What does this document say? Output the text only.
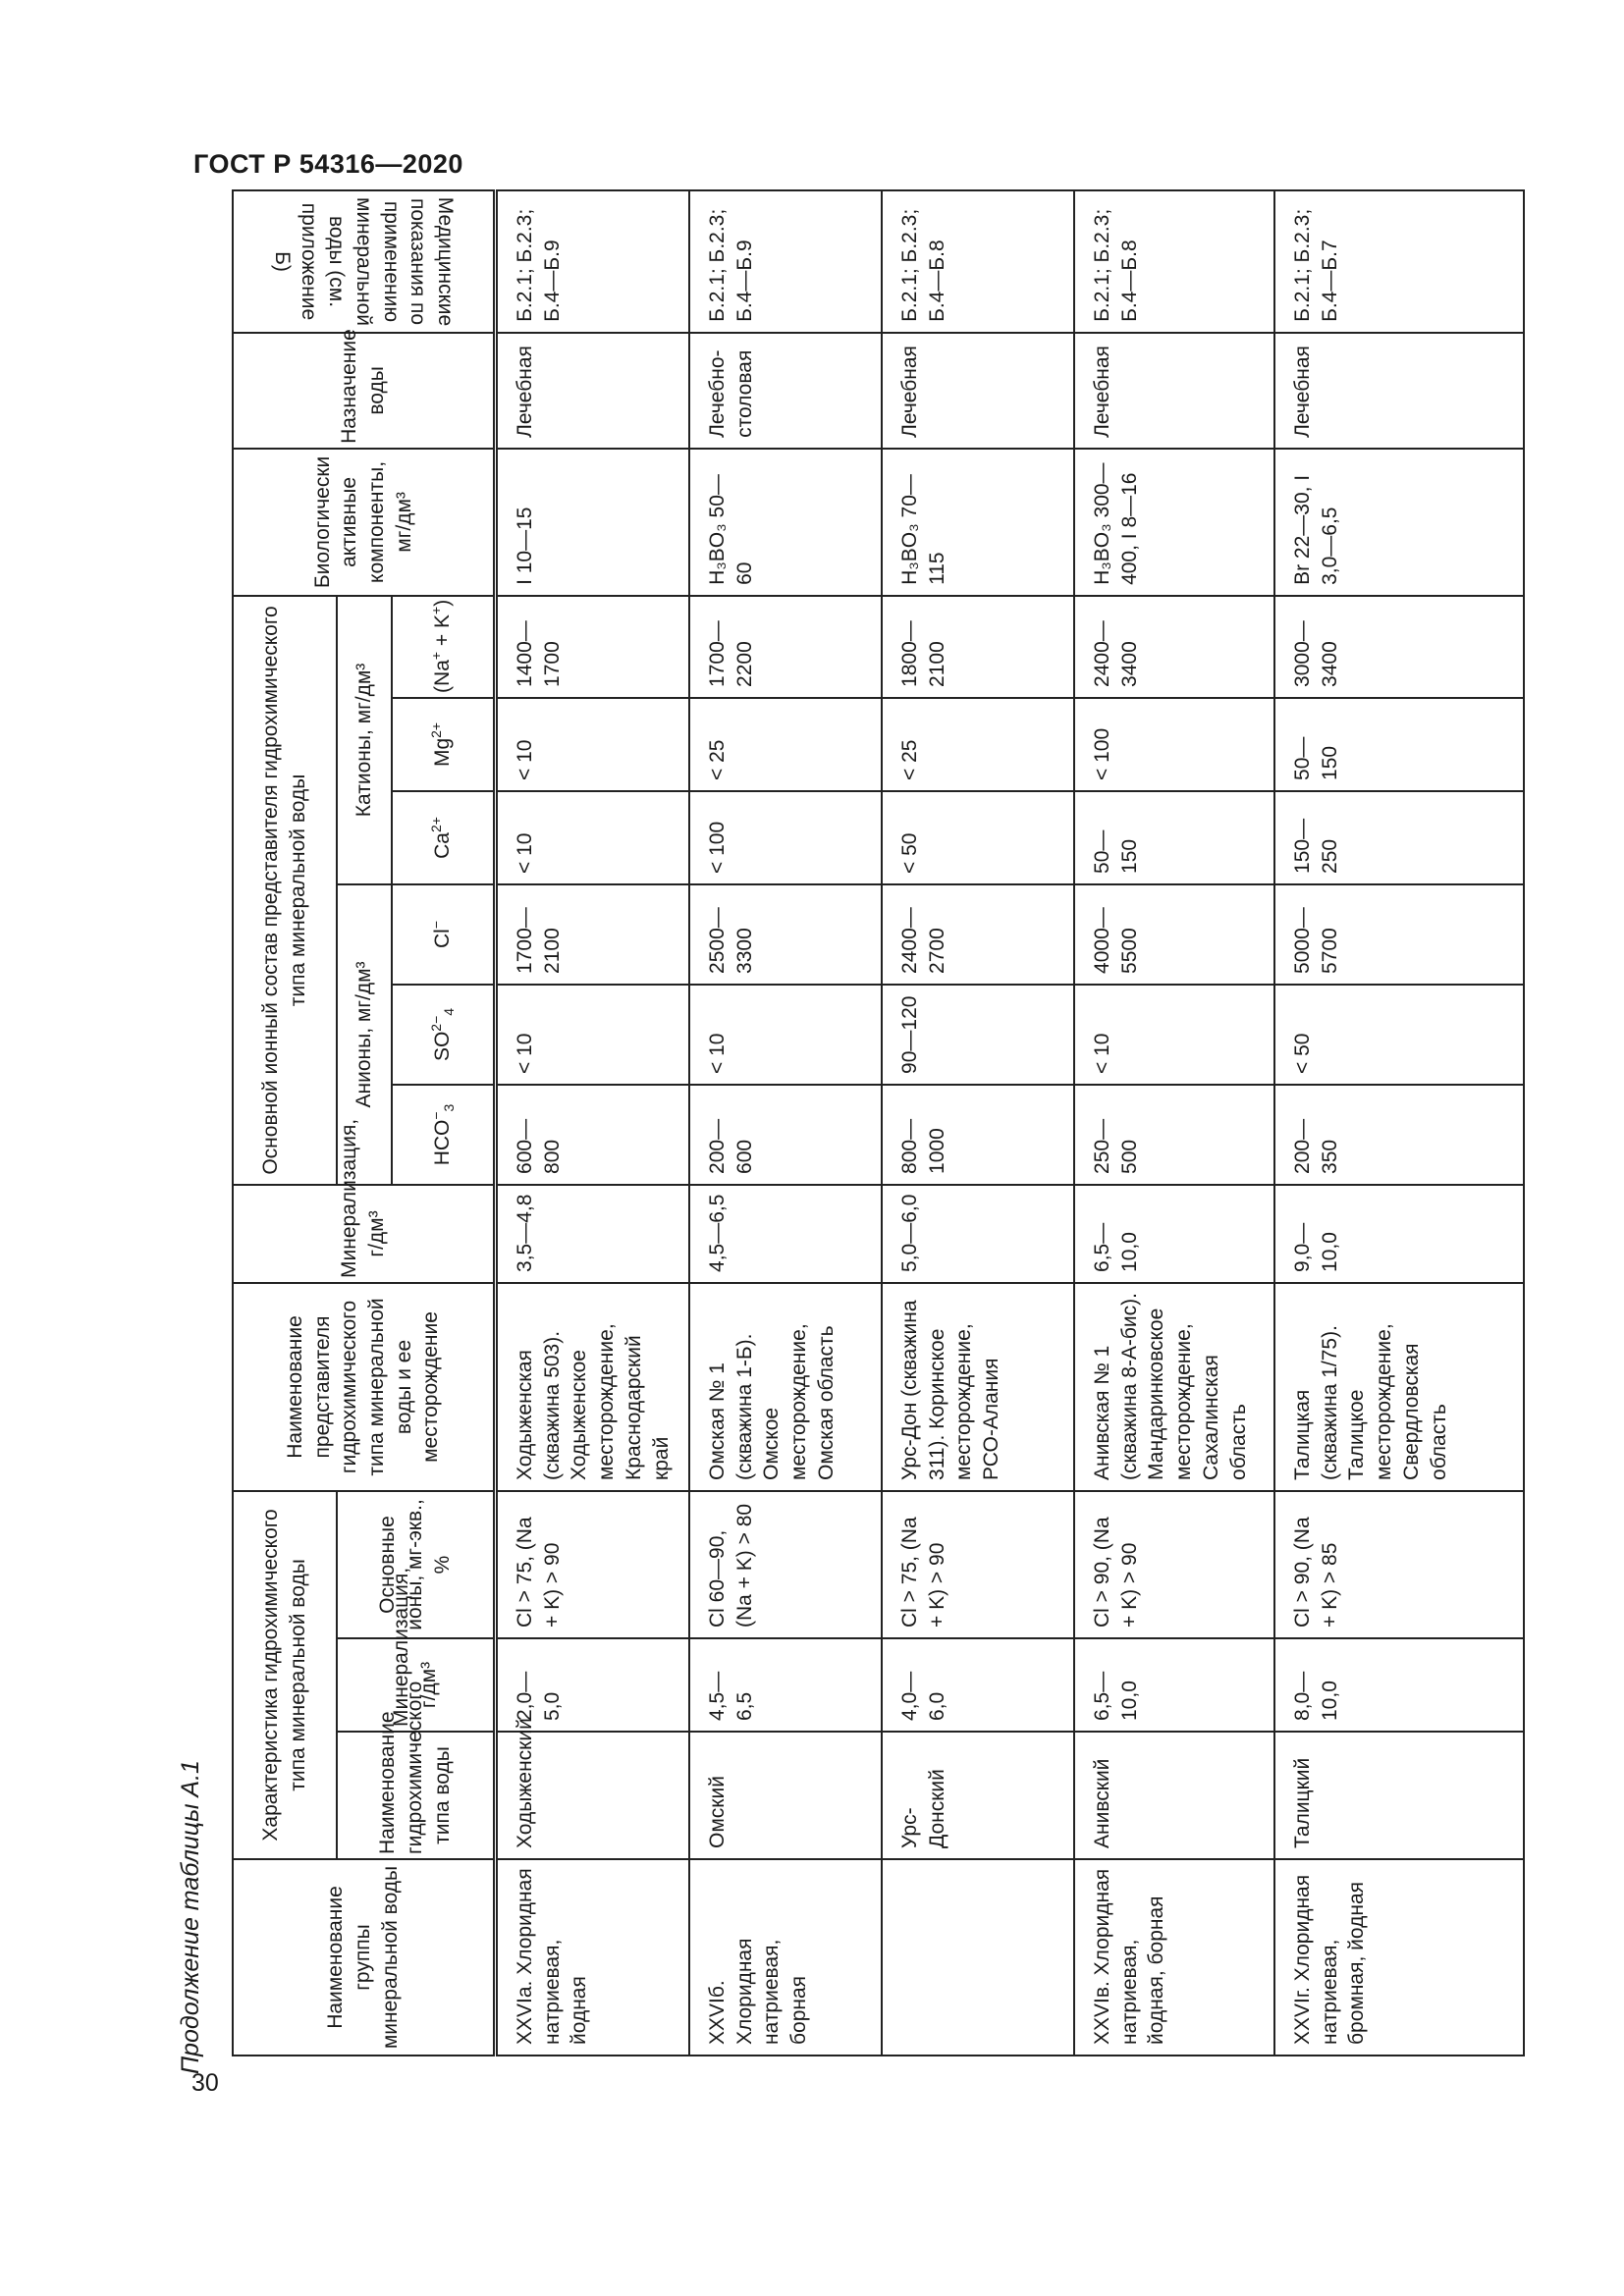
ГОСТ Р 54316—2020
30
Продолжение таблицы А.1	Наименование группы минеральной воды	Характеристика гидрохимического типа минеральной воды			Наименование представителя гидрохимического типа минеральной воды и ее месторождение	Минерализация, г/дм³	Основной ионный состав представителя гидрохимического типа минеральной воды						Биологически активные компоненты, мг/дм³	Назначение воды	Медицинские показания по применению минеральной воды (см. приложение Б)
	Наименование гидрохимического типа воды	Минерализация, г/дм³	Основные ионы, мг-экв., %			Анионы, мг/дм³			Катионы, мг/дм³					
						$HCO^-_3$	$SO^{2-}_4$	Cl−	$Ca^{2+}$	$Mg^{2+}$	(Na+ + K+)			
XXVIa. Хлоридная натриевая, йодная	Ходыженский	2,0—5,0	Cl > 75, (Na + K) > 90	Ходыженская (скважина 503). Ходыженское месторождение, Краснодарский край	3,5—4,8	600—800	< 10	1700—2100	< 10	< 10	1400—1700	I 10—15	Лечебная	Б.2.1; Б.2.3; Б.4—Б.9
XXVIб. Хлоридная натриевая, борная	Омский	4,5—6,5	Cl 60—90, (Na + K) > 80	Омская № 1 (скважина 1-Б). Омское месторождение, Омская область	4,5—6,5	200—600	< 10	2500—3300	< 100	< 25	1700—2200	H₃BO₃ 50—60	Лечебно-столовая	Б.2.1; Б.2.3; Б.4—Б.9
	Урс-Донский	4,0—6,0	Cl > 75, (Na + K) > 90	Урс-Дон (скважина 311). Коринское месторождение, РСО-Алания	5,0—6,0	800—1000	90—120	2400—2700	< 50	< 25	1800—2100	H₃BO₃ 70—115	Лечебная	Б.2.1; Б.2.3; Б.4—Б.8
XXVIв. Хлоридная натриевая, йодная, борная	Анивский	6,5—10,0	Cl > 90, (Na + K) > 90	Анивская № 1 (скважина 8-А-бис). Мандаринковское месторождение, Сахалинская область	6,5—10,0	250—500	< 10	4000—5500	50—150	< 100	2400—3400	H₃BO₃ 300—400, I 8—16	Лечебная	Б.2.1; Б.2.3; Б.4—Б.8
XXVIг. Хлоридная натриевая, бромная, йодная	Талицкий	8,0—10,0	Cl > 90, (Na + K) > 85	Талицкая (скважина 1/75). Талицкое месторождение, Свердловская область	9,0—10,0	200—350	< 50	5000—5700	150—250	50—150	3000—3400	Br 22—30, I 3,0—6,5	Лечебная	Б.2.1; Б.2.3; Б.4—Б.7
